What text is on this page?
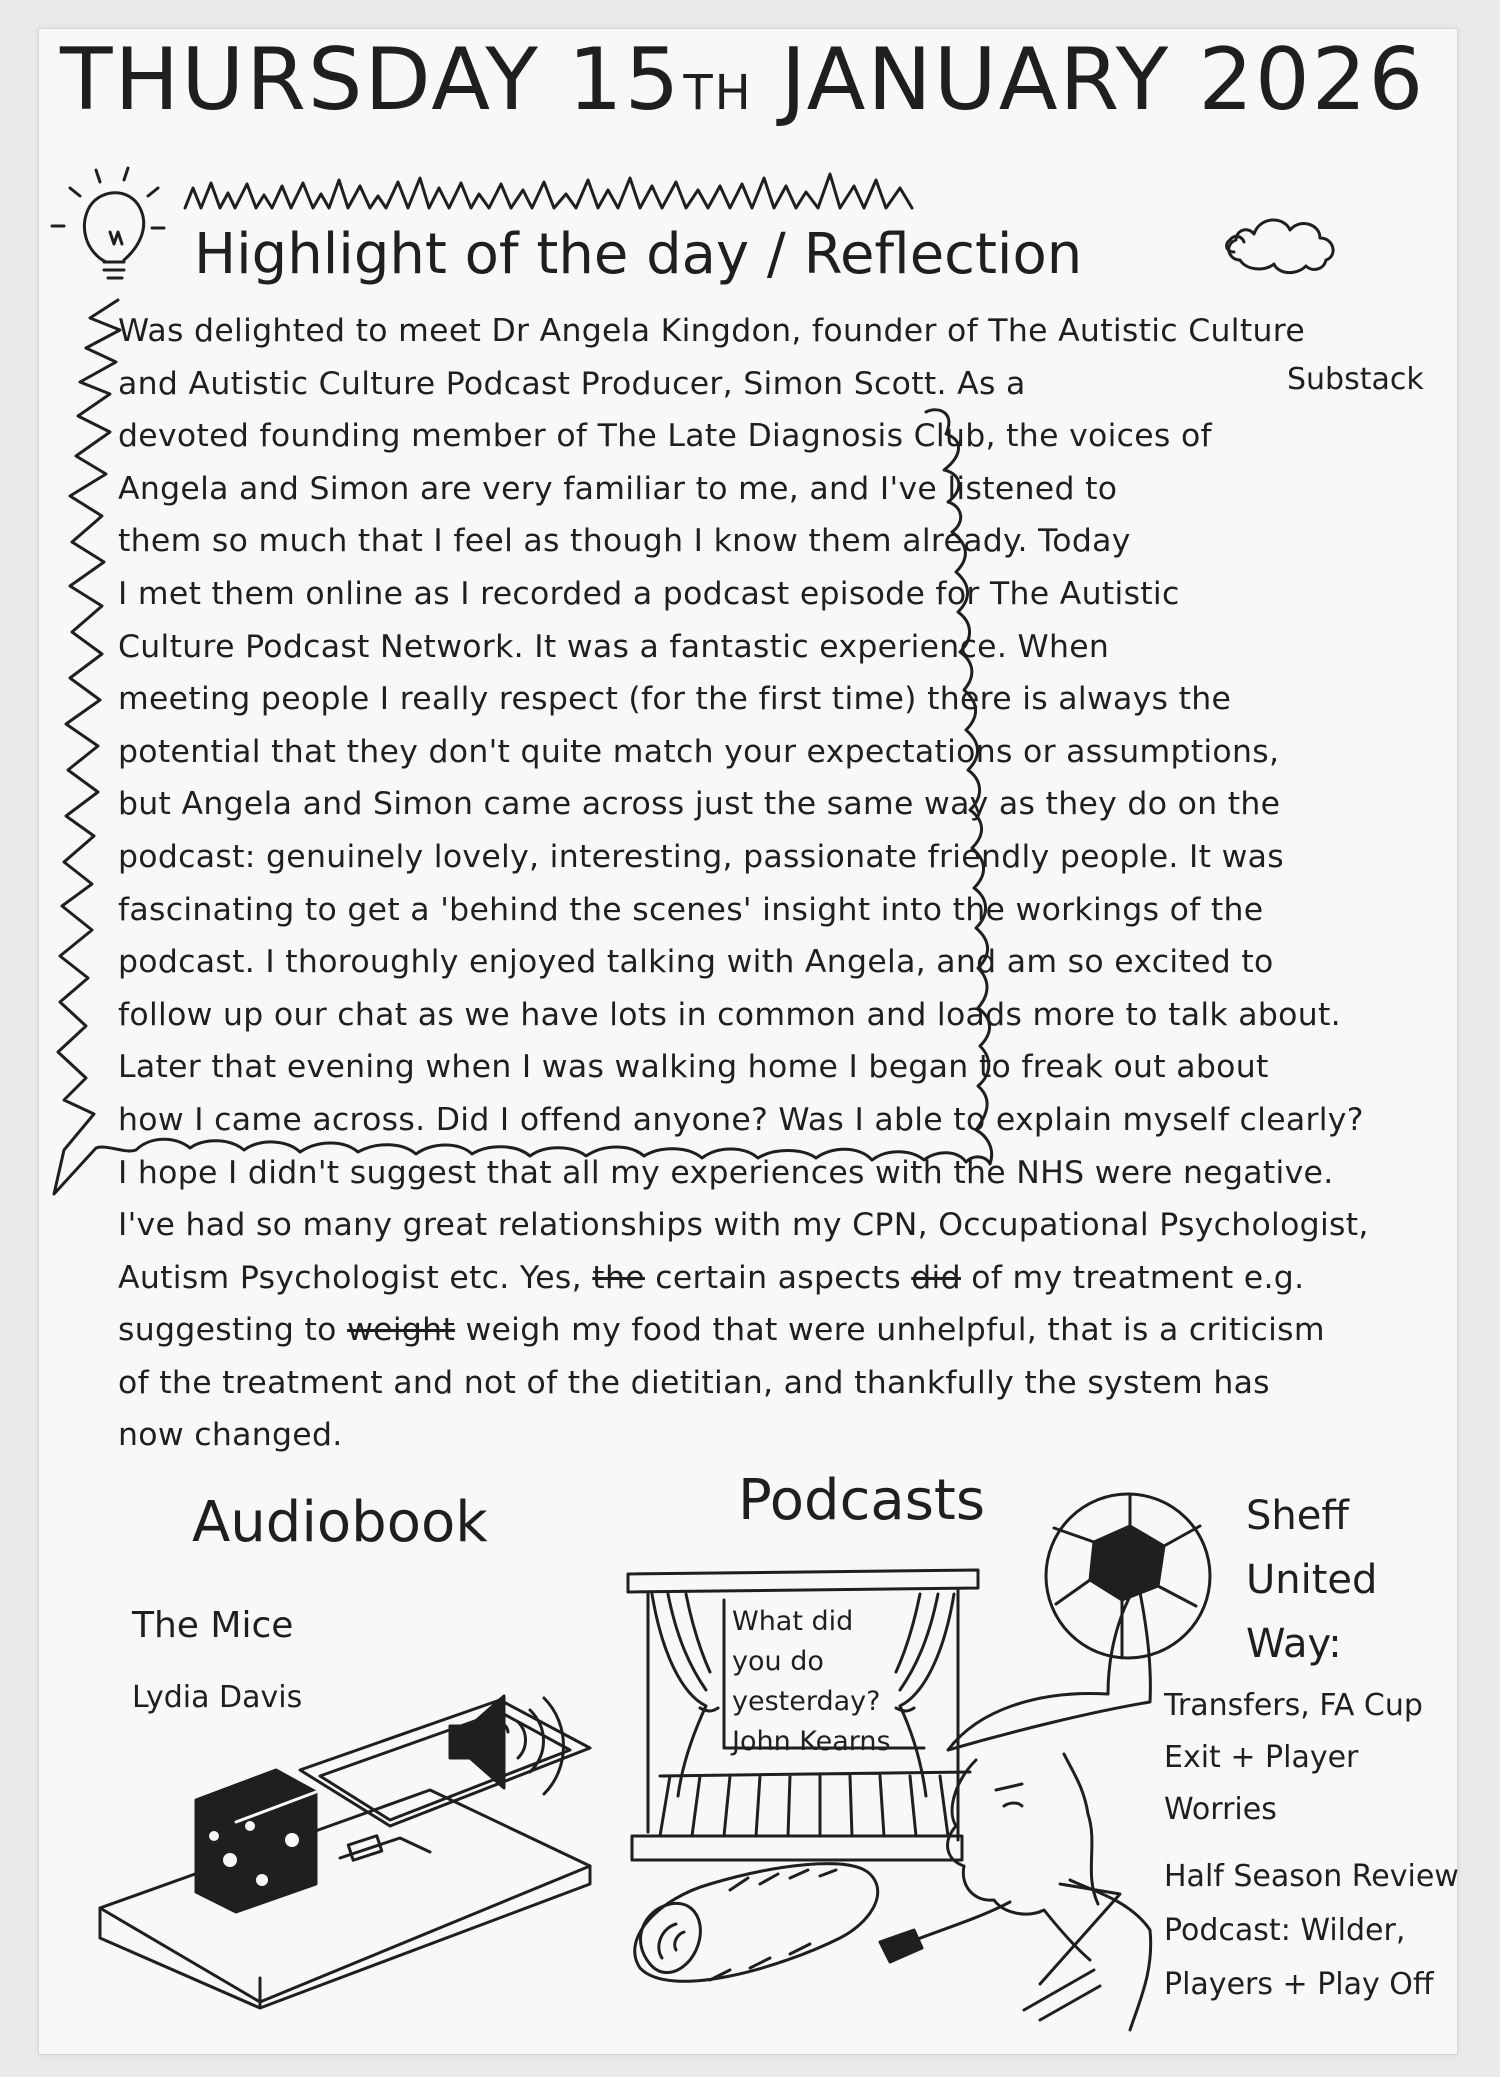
THURSDAY 15TH JANUARY 2026
Highlight of the day / Reflection
Substack
Was delighted to meet Dr Angela Kingdon, founder of The Autistic Culture
and Autistic Culture Podcast Producer, Simon Scott. As a
devoted founding member of The Late Diagnosis Club, the voices of
Angela and Simon are very familiar to me, and I've listened to
them so much that I feel as though I know them already. Today
I met them online as I recorded a podcast episode for The Autistic
Culture Podcast Network. It was a fantastic experience. When
meeting people I really respect (for the first time) there is always the
potential that they don't quite match your expectations or assumptions,
but Angela and Simon came across just the same way as they do on the
podcast: genuinely lovely, interesting, passionate friendly people. It was
fascinating to get a 'behind the scenes' insight into the workings of the
podcast. I thoroughly enjoyed talking with Angela, and am so excited to
follow up our chat as we have lots in common and loads more to talk about.
Later that evening when I was walking home I began to freak out about
how I came across. Did I offend anyone? Was I able to explain myself clearly?
I hope I didn't suggest that all my experiences with the NHS were negative.
I've had so many great relationships with my CPN, Occupational Psychologist,
Autism Psychologist etc. Yes, the certain aspects did of my treatment e.g.
suggesting to weight weigh my food that were unhelpful, that is a criticism
of the treatment and not of the dietitian, and thankfully the system has
now changed.
Audiobook
The Mice
Lydia Davis
Podcasts
What did
you do
yesterday?
John Kearns
Sheff
United
Way:
Transfers, FA Cup
Exit + Player
Worries
Half Season Review
Podcast: Wilder,
Players + Play Off
